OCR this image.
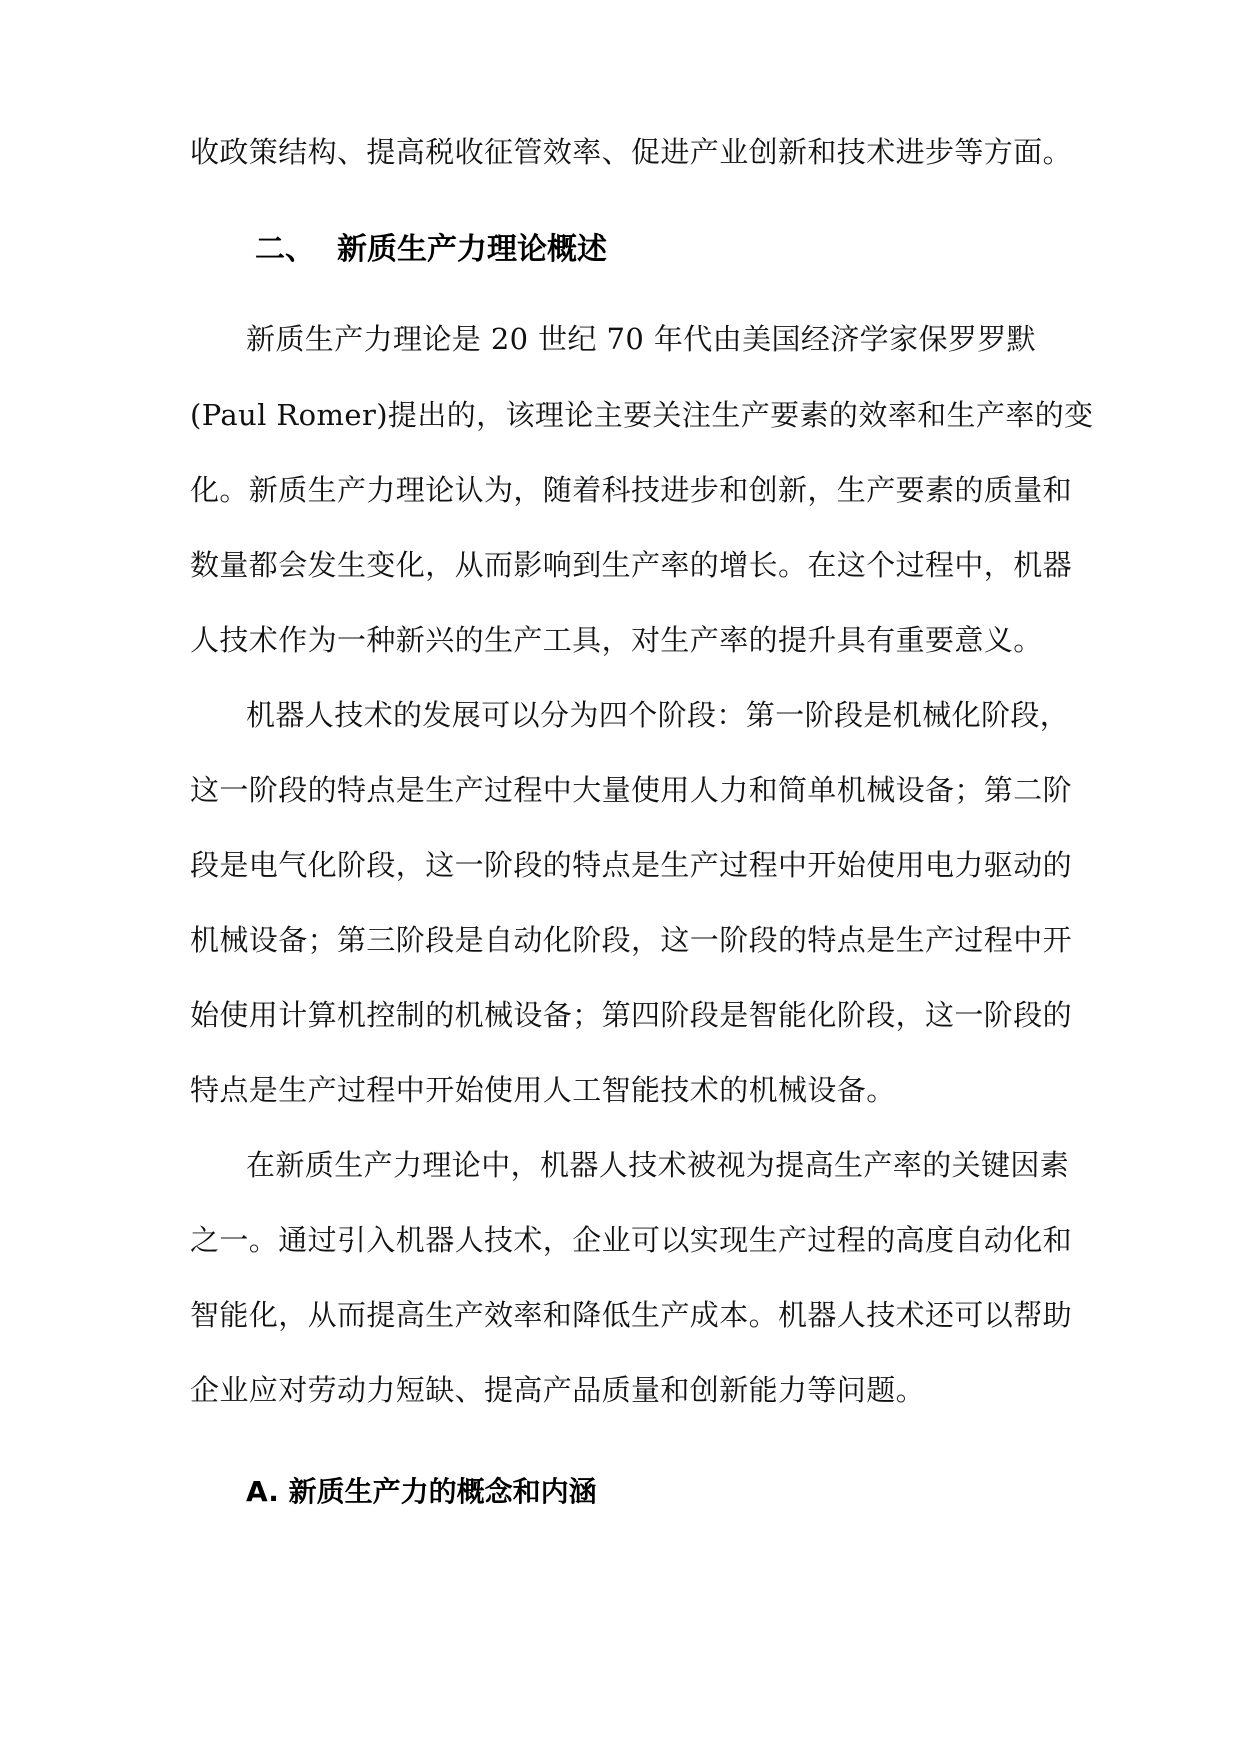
收政策结构、提高税收征管效率、促进产业创新和技术进步等方面。
二、 新质生产力理论概述
新质生产力理论是 20 世纪 70 年代由美国经济学家保罗罗默
(Paul Romer)提出的，该理论主要关注生产要素的效率和生产率的变
化。新质生产力理论认为，随着科技进步和创新，生产要素的质量和
数量都会发生变化，从而影响到生产率的增长。在这个过程中，机器
人技术作为一种新兴的生产工具，对生产率的提升具有重要意义。
机器人技术的发展可以分为四个阶段：第一阶段是机械化阶段，
这一阶段的特点是生产过程中大量使用人力和简单机械设备；第二阶
段是电气化阶段，这一阶段的特点是生产过程中开始使用电力驱动的
机械设备；第三阶段是自动化阶段，这一阶段的特点是生产过程中开
始使用计算机控制的机械设备；第四阶段是智能化阶段，这一阶段的
特点是生产过程中开始使用人工智能技术的机械设备。
在新质生产力理论中，机器人技术被视为提高生产率的关键因素
之一。通过引入机器人技术，企业可以实现生产过程的高度自动化和
智能化，从而提高生产效率和降低生产成本。机器人技术还可以帮助
企业应对劳动力短缺、提高产品质量和创新能力等问题。
A. 新质生产力的概念和内涵
